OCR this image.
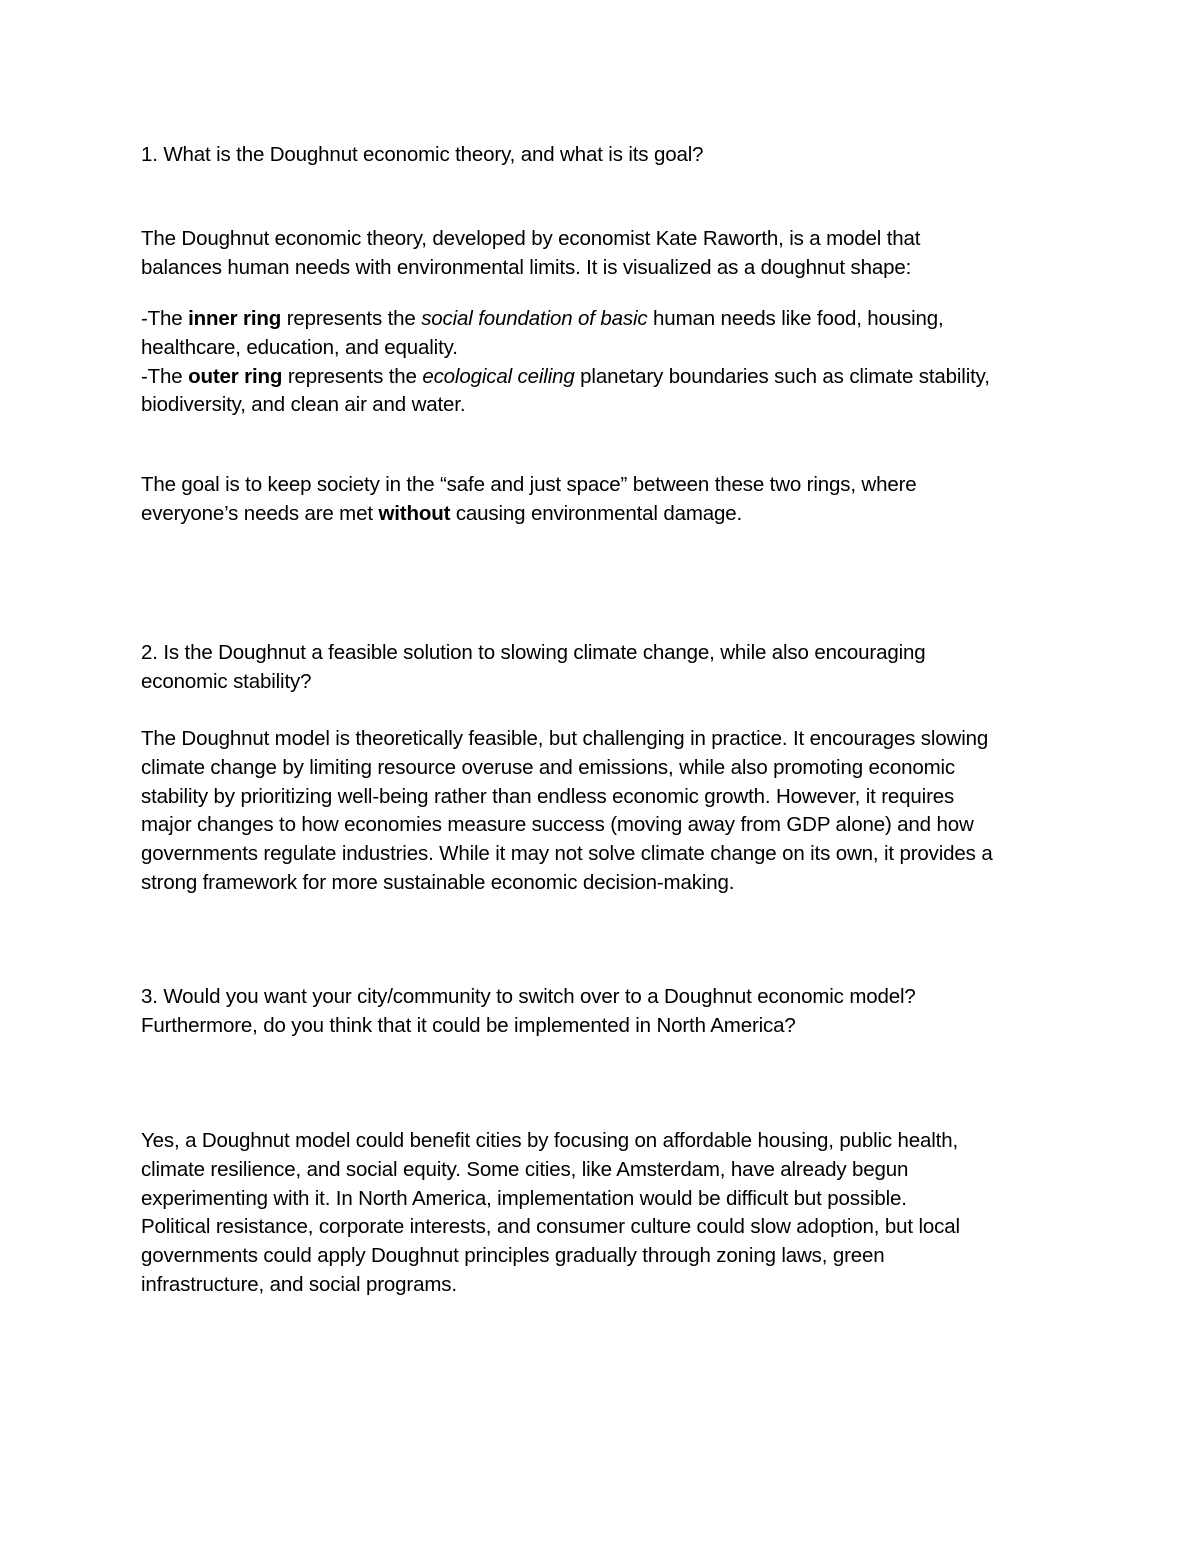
1. What is the Doughnut economic theory, and what is its goal?

The Doughnut economic theory, developed by economist Kate Raworth, is a model that
balances human needs with environmental limits. It is visualized as a doughnut shape:

-The inner ring represents the social foundation of basic human needs like food, housing,
healthcare, education, and equality.
-The outer ring represents the ecological ceiling planetary boundaries such as climate stability,
biodiversity, and clean air and water.

The goal is to keep society in the “safe and just space” between these two rings, where
everyone’s needs are met without causing environmental damage.

2. Is the Doughnut a feasible solution to slowing climate change, while also encouraging
economic stability?

The Doughnut model is theoretically feasible, but challenging in practice. It encourages slowing
climate change by limiting resource overuse and emissions, while also promoting economic
stability by prioritizing well-being rather than endless economic growth. However, it requires
major changes to how economies measure success (moving away from GDP alone) and how
governments regulate industries. While it may not solve climate change on its own, it provides a
strong framework for more sustainable economic decision-making.

3. Would you want your city/community to switch over to a Doughnut economic model?
Furthermore, do you think that it could be implemented in North America?

Yes, a Doughnut model could benefit cities by focusing on affordable housing, public health,
climate resilience, and social equity. Some cities, like Amsterdam, have already begun
experimenting with it. In North America, implementation would be difficult but possible.
Political resistance, corporate interests, and consumer culture could slow adoption, but local
governments could apply Doughnut principles gradually through zoning laws, green
infrastructure, and social programs.
